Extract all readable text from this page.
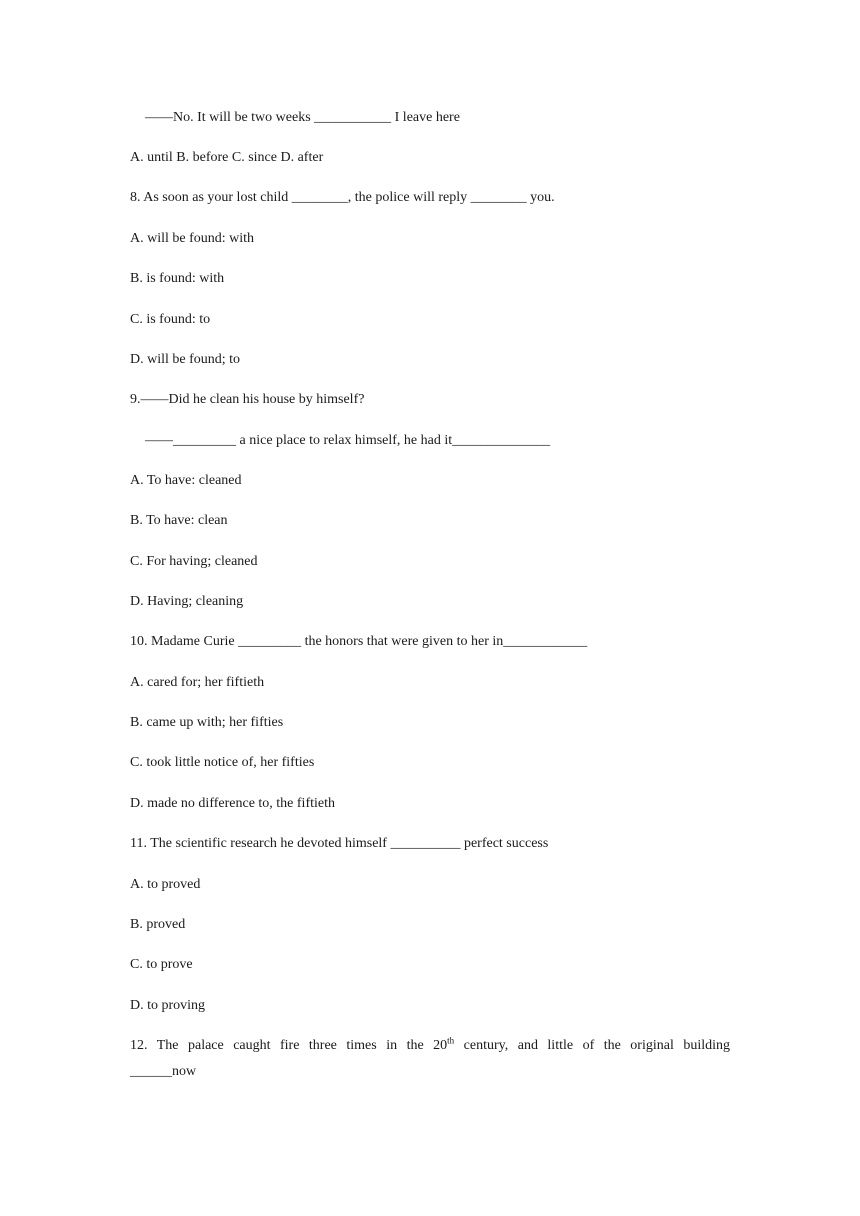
——No. It will be two weeks ___________ I leave here
A. until B. before C. since D. after
8. As soon as your lost child ________, the police will reply ________ you.
A. will be found: with
B. is found: with
C. is found: to
D. will be found; to
9.——Did he clean his house by himself?
——_________ a nice place to relax himself, he had it______________
A. To have: cleaned
B. To have: clean
C. For having; cleaned
D. Having; cleaning
10. Madame Curie _________ the honors that were given to her in____________
A. cared for; her fiftieth
B. came up with; her fifties
C. took little notice of, her fifties
D. made no difference to, the fiftieth
11. The scientific research he devoted himself __________ perfect success
A. to proved
B. proved
C. to prove
D. to proving
12. The palace caught fire three times in the 20th century, and little of the original building
______now
